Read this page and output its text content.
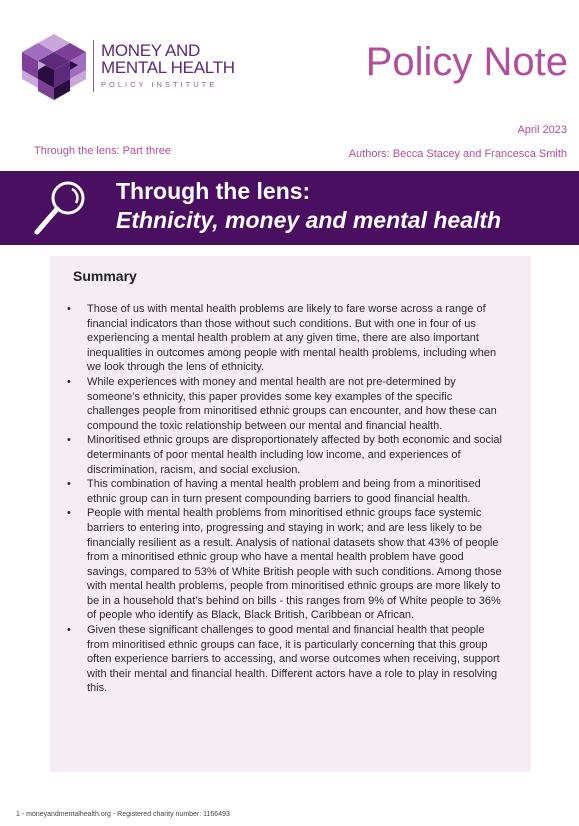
MONEY AND
MENTAL HEALTH
POLICY INSTITUTE
Policy Note
April 2023
Through the lens: Part three	Authors: Becca Stacey and Francesca Smith
Through the lens:
Ethnicity, money and mental health
Summary
• Those of us with mental health problems are likely to fare worse across a range of financial indicators than those without such conditions. But with one in four of us experiencing a mental health problem at any given time, there are also important inequalities in outcomes among people with mental health problems, including when we look through the lens of ethnicity.
• While experiences with money and mental health are not pre-determined by someone’s ethnicity, this paper provides some key examples of the specific challenges people from minoritised ethnic groups can encounter, and how these can compound the toxic relationship between our mental and financial health.
• Minoritised ethnic groups are disproportionately affected by both economic and social determinants of poor mental health including low income, and experiences of discrimination, racism, and social exclusion.
• This combination of having a mental health problem and being from a minoritised ethnic group can in turn present compounding barriers to good financial health.
• People with mental health problems from minoritised ethnic groups face systemic barriers to entering into, progressing and staying in work; and are less likely to be financially resilient as a result. Analysis of national datasets show that 43% of people from a minoritised ethnic group who have a mental health problem have good savings, compared to 53% of White British people with such conditions. Among those with mental health problems, people from minoritised ethnic groups are more likely to be in a household that’s behind on bills - this ranges from 9% of White people to 36% of people who identify as Black, Black British, Caribbean or African.
• Given these significant challenges to good mental and financial health that people from minoritised ethnic groups can face, it is particularly concerning that this group often experience barriers to accessing, and worse outcomes when receiving, support with their mental and financial health. Different actors have a role to play in resolving this.
1 - moneyandmentalhealth.org - Registered charity number: 1166493
